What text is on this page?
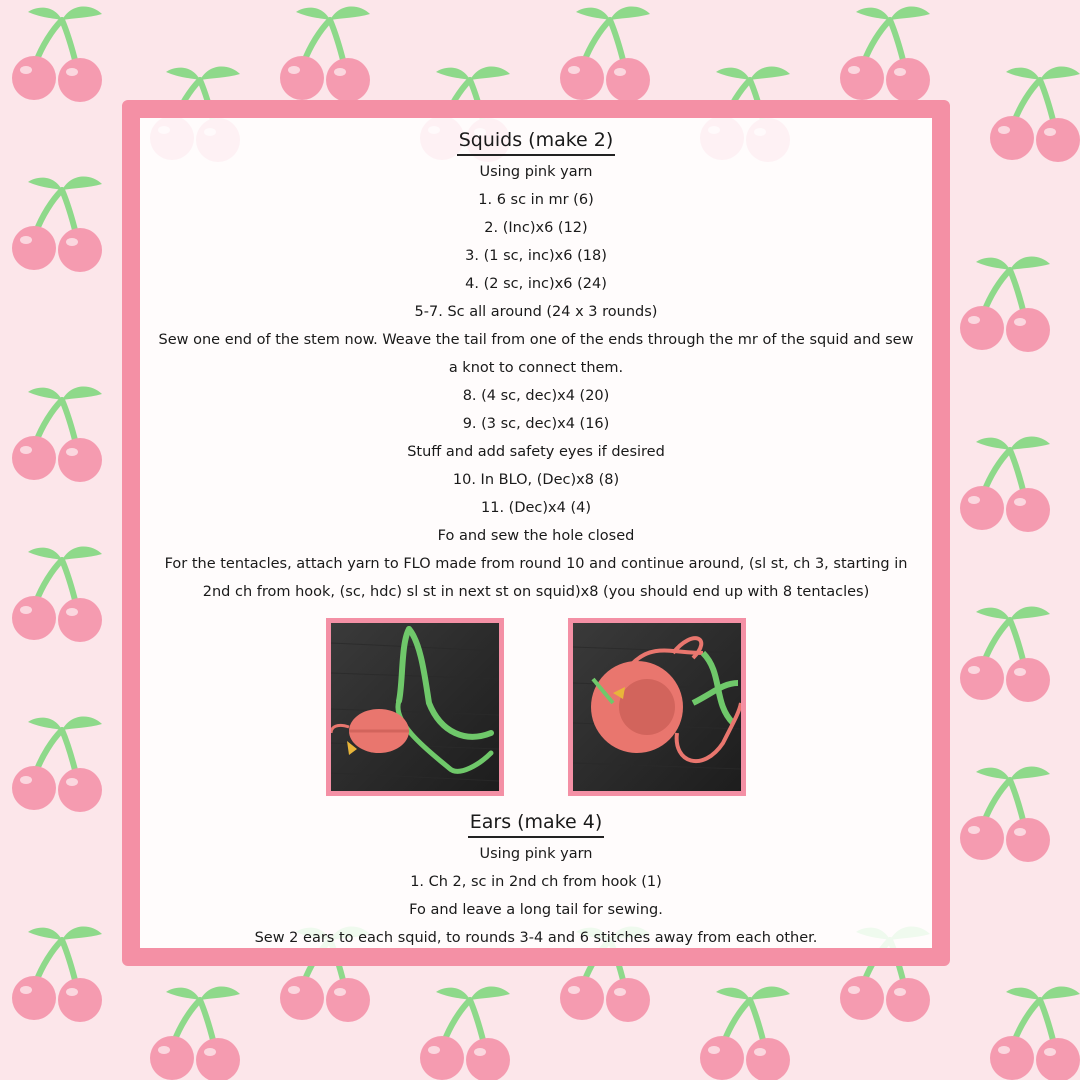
Squids (make 2)

Using pink yarn

1. 6 sc in mr (6)

2. (Inc)x6 (12)

3. (1 sc, inc)x6 (18)

4. (2 sc, inc)x6 (24)

5-7. Sc all around (24 x 3 rounds)

Sew one end of the stem now. Weave the tail from one of the ends through the mr of the squid and sew

a knot to connect them.

8. (4 sc, dec)x4 (20)

9. (3 sc, dec)x4 (16)

Stuff and add safety eyes if desired

10. In BLO, (Dec)x8 (8)

11. (Dec)x4 (4)

Fo and sew the hole closed

For the tentacles, attach yarn to FLO made from round 10 and continue around, (sl st, ch 3, starting in

2nd ch from hook, (sc, hdc) sl st in next st on squid)x8 (you should end up with 8 tentacles)

Ears (make 4)

Using pink yarn

1. Ch 2, sc in 2nd ch from hook (1)

Fo and leave a long tail for sewing.

Sew 2 ears to each squid, to rounds 3-4 and 6 stitches away from each other.
